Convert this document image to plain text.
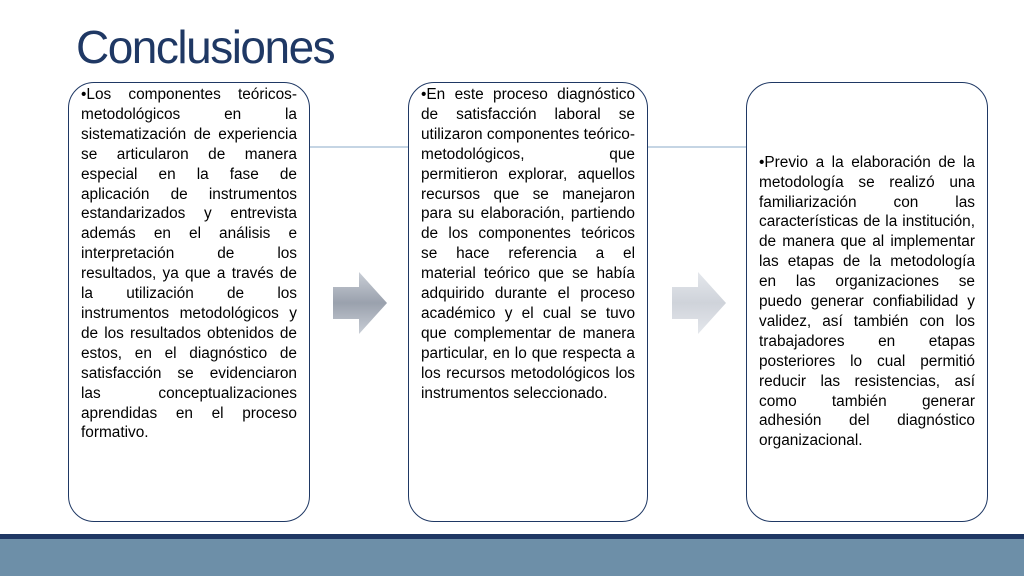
Conclusiones
•Los componentes teóricos-metodológicos en la sistematización de experiencia se articularon de manera especial en la fase de aplicación de instrumentos estandarizados y entrevista además en el análisis e interpretación de los resultados, ya que a través de la utilización de los instrumentos metodológicos y de los resultados obtenidos de estos, en el diagnóstico de satisfacción se evidenciaron las conceptualizaciones aprendidas en el proceso formativo.
•En este proceso diagnóstico de satisfacción laboral se utilizaron componentes teórico-metodológicos, que permitieron explorar, aquellos recursos que se manejaron para su elaboración, partiendo de los componentes teóricos se hace referencia a el material teórico que se había adquirido durante el proceso académico y el cual se tuvo que complementar de manera particular, en lo que respecta a los recursos metodológicos los instrumentos seleccionado.
•Previo a la elaboración de la metodología se realizó una familiarización con las características de la institución, de manera que al implementar las etapas de la metodología en las organizaciones se puedo generar confiabilidad y validez, así también con los trabajadores en etapas posteriores lo cual permitió reducir las resistencias, así como también generar adhesión del diagnóstico organizacional.
